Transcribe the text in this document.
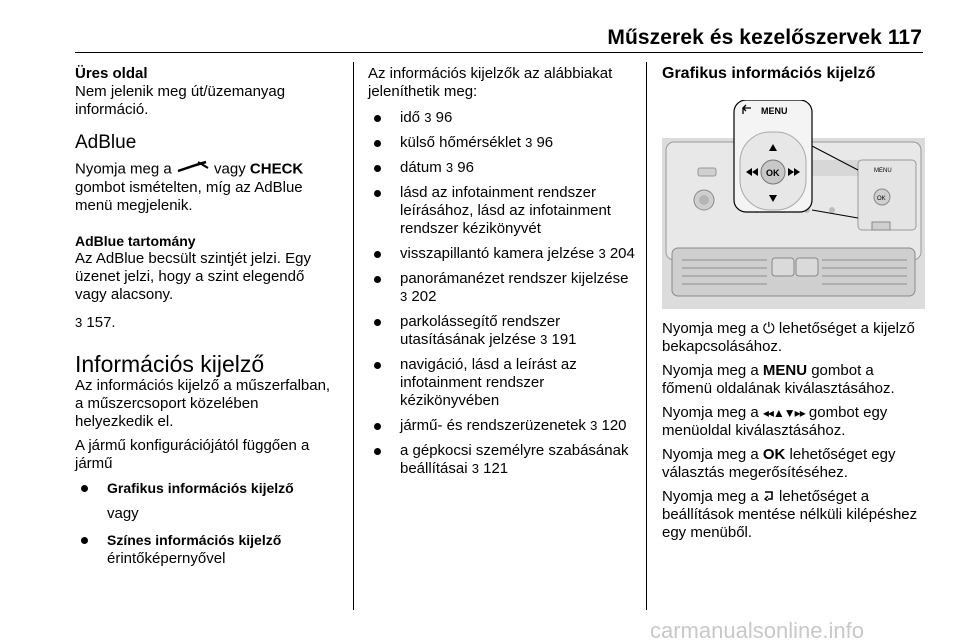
Műszerek és kezelőszervek 117

Üres oldal

Nem jelenik meg út/üzemanyag információ.

AdBlue

Nyomja meg a	vagy CHECK gombot ismételten, míg az AdBlue menü megjelenik.

AdBlue tartomány

Az AdBlue becsült szintjét jelzi. Egy üzenet jelzi, hogy a szint elegendő vagy alacsony.

3 157.

Információs kijelző

Az információs kijelző a műszerfalban, a műszercsoport közelében helyezkedik el.

A jármű konfigurációjától függően a jármű

Grafikus információs kijelző

vagy

Színes információs kijelző
érintőképernyővel

Az információs kijelzők az alábbiakat jeleníthetik meg:

idő 3 96
külső hőmérséklet 3 96
dátum 3 96
lásd az infotainment rendszer leírásához, lásd az infotainment rendszer kézikönyvét
visszapillantó kamera jelzése 3 204
panorámanézet rendszer kijelzése 3 202
parkolássegítő rendszer utasításának jelzése 3 191
navigáció, lásd a leírást az infotainment rendszer kézikönyvében
jármű- és rendszerüzenetek 3 120
a gépkocsi személyre szabásának beállításai 3 121

Grafikus információs kijelző

MENU
OK
OK
MENU

Nyomja meg a ⏻ lehetőséget a kijelző bekapcsolásához.

Nyomja meg a MENU gombot a főmenü oldalának kiválasztásához.

Nyomja meg a ◂◂▲▼▸▸ gombot egy menüoldal kiválasztásához.

Nyomja meg a OK lehetőséget egy választás megerősítéséhez.

Nyomja meg a lehetőséget a beállítások mentése nélküli kilépéshez egy menüből.

carmanualsonline.info
